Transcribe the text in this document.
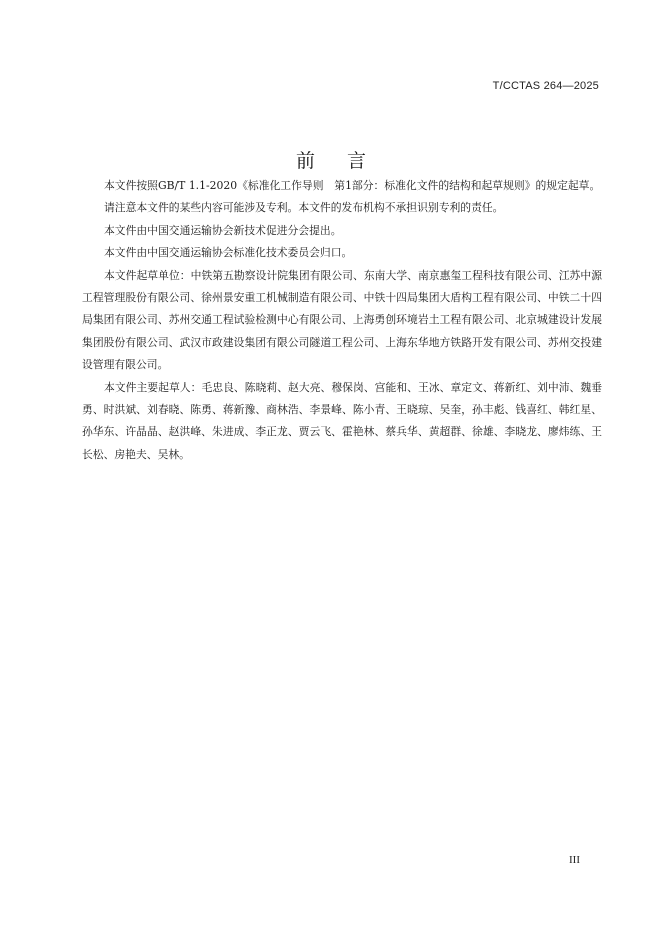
T/CCTAS 264—2025
前言

本文件按照GB/T 1.1-2020《标准化工作导则　第1部分：标准化文件的结构和起草规则》的规定起草。

请注意本文件的某些内容可能涉及专利。本文件的发布机构不承担识别专利的责任。

本文件由中国交通运输协会新技术促进分会提出。

本文件由中国交通运输协会标准化技术委员会归口。

本文件起草单位：中铁第五勘察设计院集团有限公司、东南大学、南京惠玺工程科技有限公司、江苏中源工程管理股份有限公司、徐州景安重工机械制造有限公司、中铁十四局集团大盾构工程有限公司、中铁二十四局集团有限公司、苏州交通工程试验检测中心有限公司、上海勇创环境岩土工程有限公司、北京城建设计发展集团股份有限公司、武汉市政建设集团有限公司隧道工程公司、上海东华地方铁路开发有限公司、苏州交投建设管理有限公司。

本文件主要起草人：毛忠良、陈晓莉、赵大亮、穆保岗、宫能和、王冰、章定文、蒋新红、刘中沛、魏垂勇、时洪斌、刘春晓、陈勇、蒋新豫、商林浩、李景峰、陈小青、王晓琼、吴奎，孙丰彪、钱喜红、韩红星、孙华东、许晶晶、赵洪峰、朱进成、李正龙、贾云飞、霍艳林、蔡兵华、黄超群、徐雄、李晓龙、廖炜练、王长松、房艳夫、吴林。

III
